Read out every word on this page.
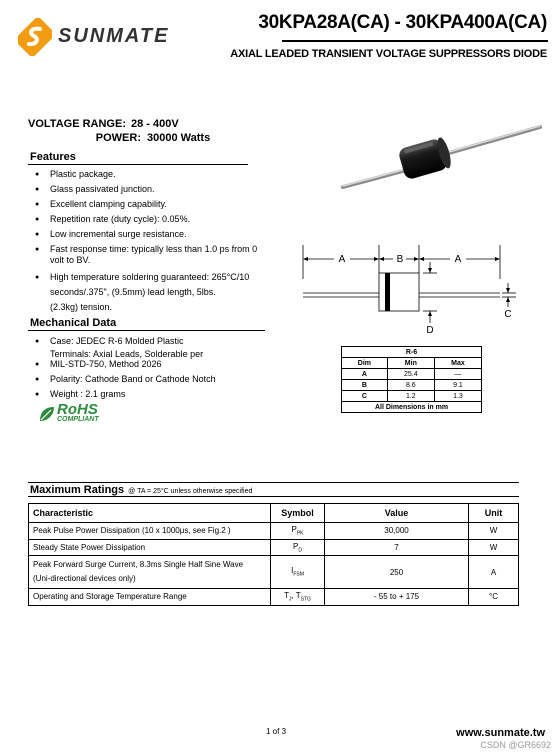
SUNMATE
30KPA28A(CA) - 30KPA400A(CA)
AXIAL LEADED TRANSIENT VOLTAGE SUPPRESSORS DIODE
VOLTAGE RANGE: 28 - 400V
POWER: 30000 Watts
Features
● Plastic package.
● Glass passivated junction.
● Excellent clamping capability.
● Repetition rate (duty cycle): 0.05%.
● Low incremental surge resistance.
● Fast response time: typically less than 1.0 ps from 0 volt to BV.
● High temperature soldering guaranteed: 265°C/10 seconds/.375", (9.5mm) lead length, 5lbs.
(2.3kg) tension.
Mechanical Data
● Case: JEDEC R-6 Molded Plastic
Terminals: Axial Leads, Solderable per
● MIL-STD-750, Method 2026
● Polarity: Cathode Band or Cathode Notch
● Weight : 2.1 grams
RoHS
COMPLIANT
A	B	A
D
C
R-6		
Dim	Min	Max
A	25.4	—
B	8.6	9.1
C	1.2	1.3
All Dimensions in mm		
Maximum Ratings @ TA = 25°C unless otherwise specified
Characteristic	Symbol	Value	Unit
Peak Pulse Power Dissipation (10 x 1000μs, see Fig.2 )	$P_{PK}$	30,000	W
Steady State Power Dissipation	$P_D$	7	W
Peak Forward Surge Current, 8.3ms Single Half Sine Wave
(Uni-directional devices only)	$I_{FSM}$	250	A
Operating and Storage Temperature Range	$T_J$, $T_{STG}$	- 55 to + 175	°C
1 of 3	www.sunmate.tw
CSDN @GR6692
